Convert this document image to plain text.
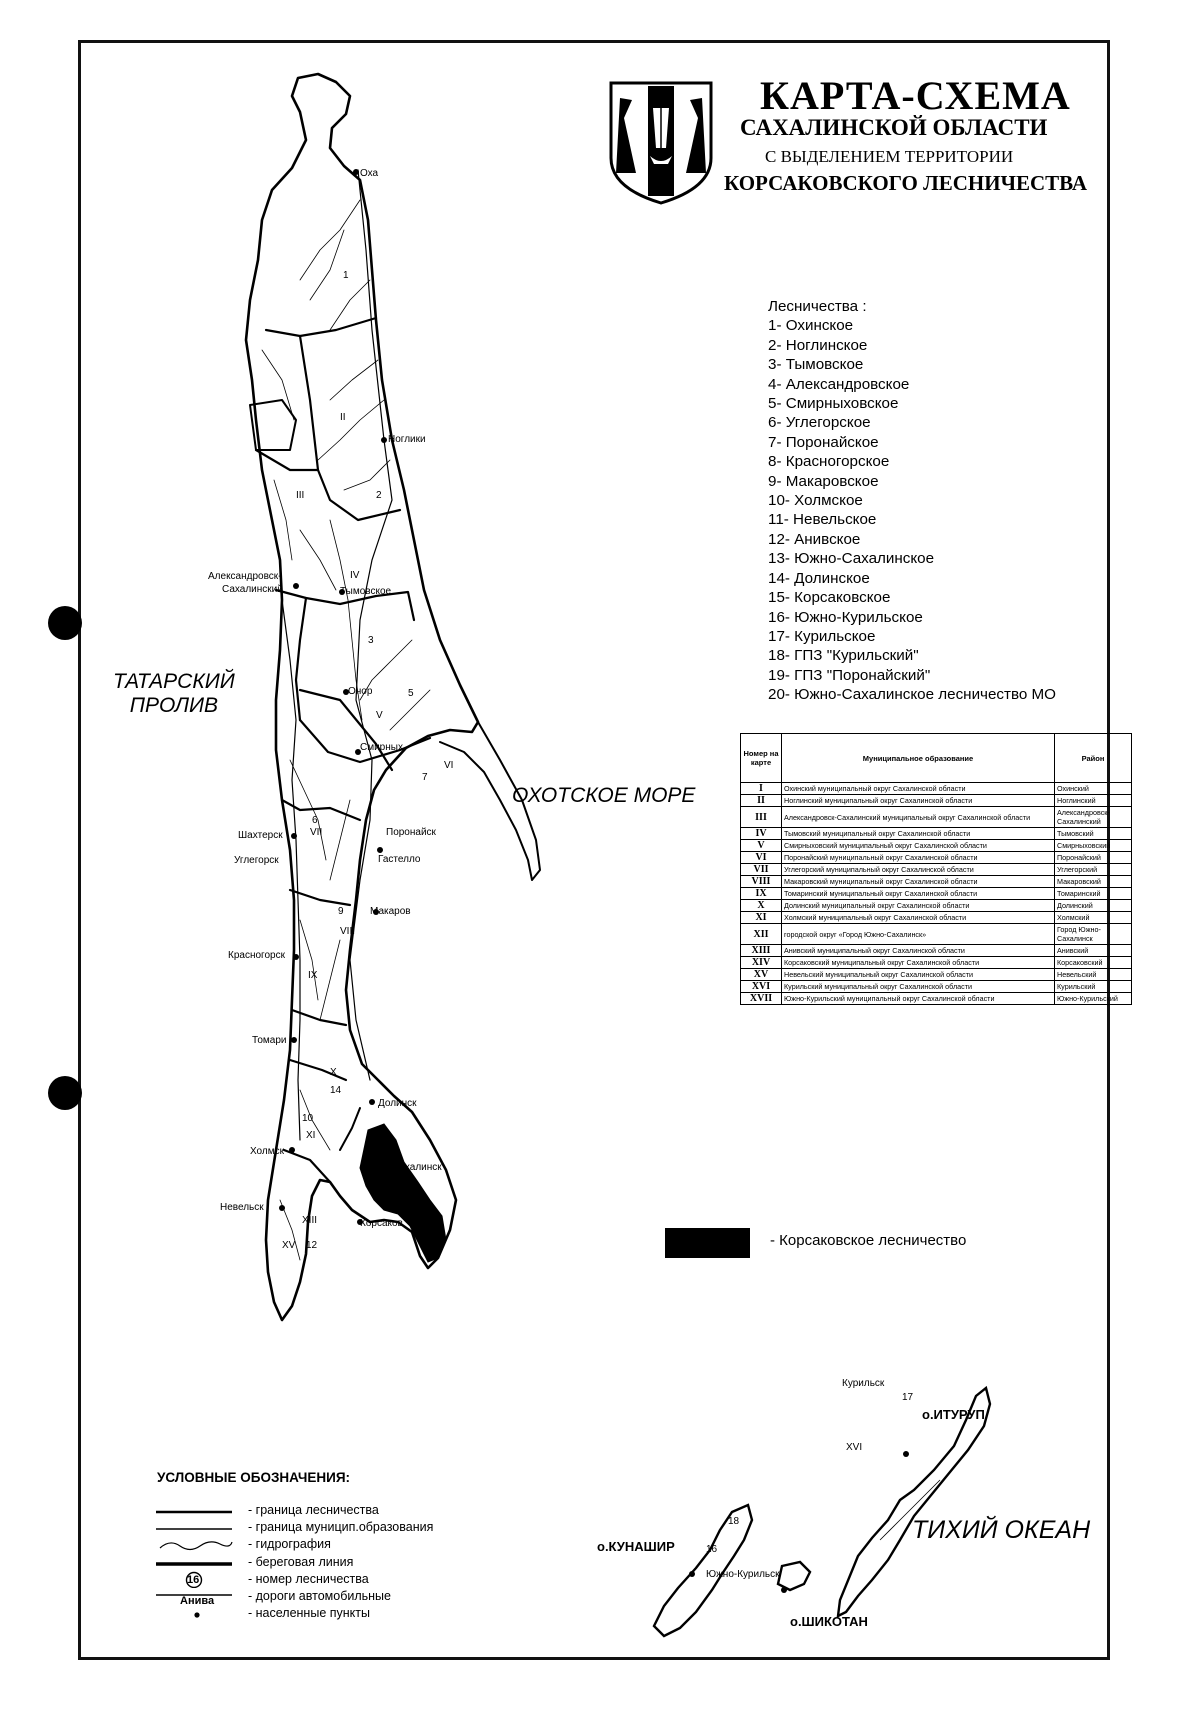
КАРТА-СХЕМА
САХАЛИНСКОЙ ОБЛАСТИ
С ВЫДЕЛЕНИЕМ ТЕРРИТОРИИ
КОРСАКОВСКОГО ЛЕСНИЧЕСТВА
Лесничества :
1- Охинское
2- Ноглинское
3- Тымовское
4- Александровское
5- Смирныховское
6- Углегорское
7- Поронайское
8- Красногорское
9- Макаровское
10- Холмское
11- Невельское
12- Анивское
13- Южно-Сахалинское
14- Долинское
15- Корсаковское
16- Южно-Курильское
17- Курильское
18- ГПЗ "Курильский"
19- ГПЗ "Поронайский"
20- Южно-Сахалинское лесничество МО
Номер на карте	Муниципальное образование	Район
I	Охинский муниципальный округ Сахалинской области	Охинский
II	Ноглинский муниципальный округ Сахалинской области	Ноглинский
III	Александровск-Сахалинский муниципальный округ Сахалинской области	Александровск-Сахалинский
IV	Тымовский муниципальный округ Сахалинской области	Тымовский
V	Смирныховский муниципальный округ Сахалинской области	Смирныховский
VI	Поронайский муниципальный округ Сахалинской области	Поронайский
VII	Углегорский муниципальный округ Сахалинской области	Углегорский
VIII	Макаровский муниципальный округ Сахалинской области	Макаровский
IX	Томаринский муниципальный округ Сахалинской области	Томаринский
X	Долинский муниципальный округ Сахалинской области	Долинский
XI	Холмский муниципальный округ Сахалинской области	Холмский
XII	городской округ «Город Южно-Сахалинск»	Город Южно-Сахалинск
XIII	Анивский муниципальный округ Сахалинской области	Анивский
XIV	Корсаковский муниципальный округ Сахалинской области	Корсаковский
XV	Невельский муниципальный округ Сахалинской области	Невельский
XVI	Курильский муниципальный округ Сахалинской области	Курильский
XVII	Южно-Курильский муниципальный округ Сахалинской области	Южно-Курильский
- Корсаковское лесничество
Оха
Ноглики
Александровск-
Сахалинский	Тымовское
Онор
Смирных
Шахтерск	Поронайск
Углегорск	Гастелло
Макаров
Красногорск
Томари
Долинск
Холмск
Сахалинск
Невельск
Корсаков
Курильск
о.ИТУРУП
о.КУНАШИР
Южно-Курильск
о.ШИКОТАН
1
2
3
5
6
7
9
10
12
14
16
17
18
II
III
IV
V
VI
VII
VIII
IX
X
XI
XIII
XV
XVI
ТАТАРСКИЙ
ПРОЛИВ
ОХОТСКОЕ МОРЕ
ТИХИЙ ОКЕАН
УСЛОВНЫЕ ОБОЗНАЧЕНИЯ:
- граница лесничества
- граница муницип.образования
- гидрография
- береговая линия
16	- номер лесничества
Анива	- дороги автомобильные
- населенные пункты
